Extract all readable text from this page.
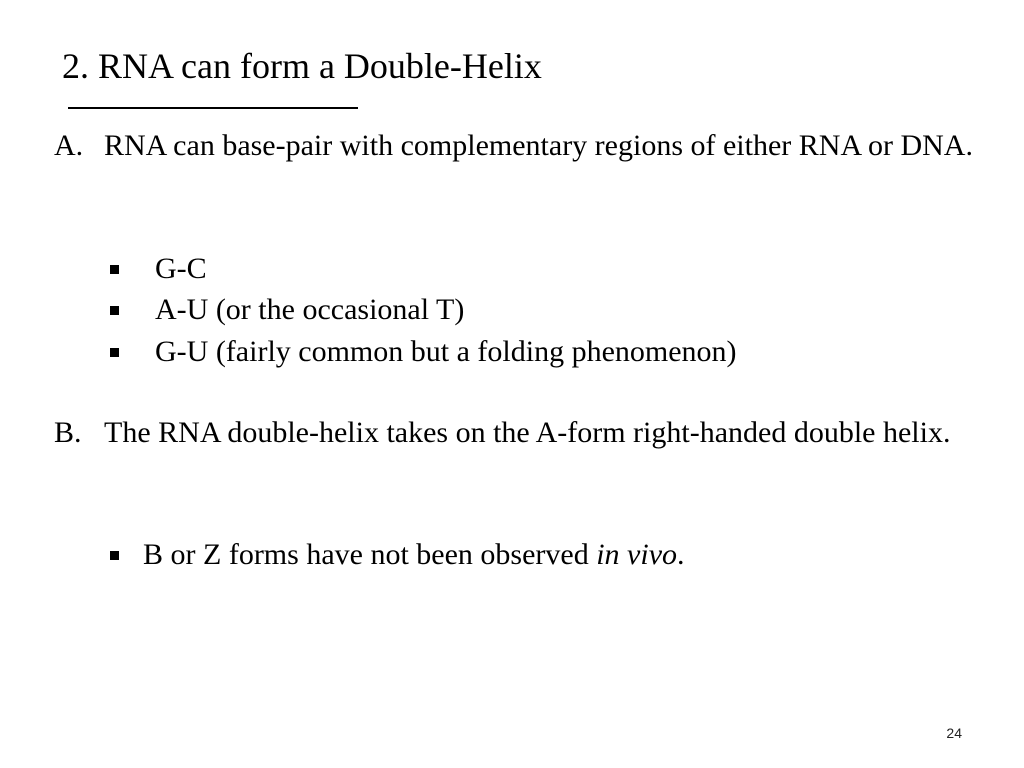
2. RNA can form a Double-Helix
A. RNA can base-pair with complementary regions of either RNA or DNA.
G-C
A-U (or the occasional T)
G-U (fairly common but a folding phenomenon)
B. The RNA double-helix takes on the A-form right-handed double helix.
B or Z forms have not been observed in vivo.
24
